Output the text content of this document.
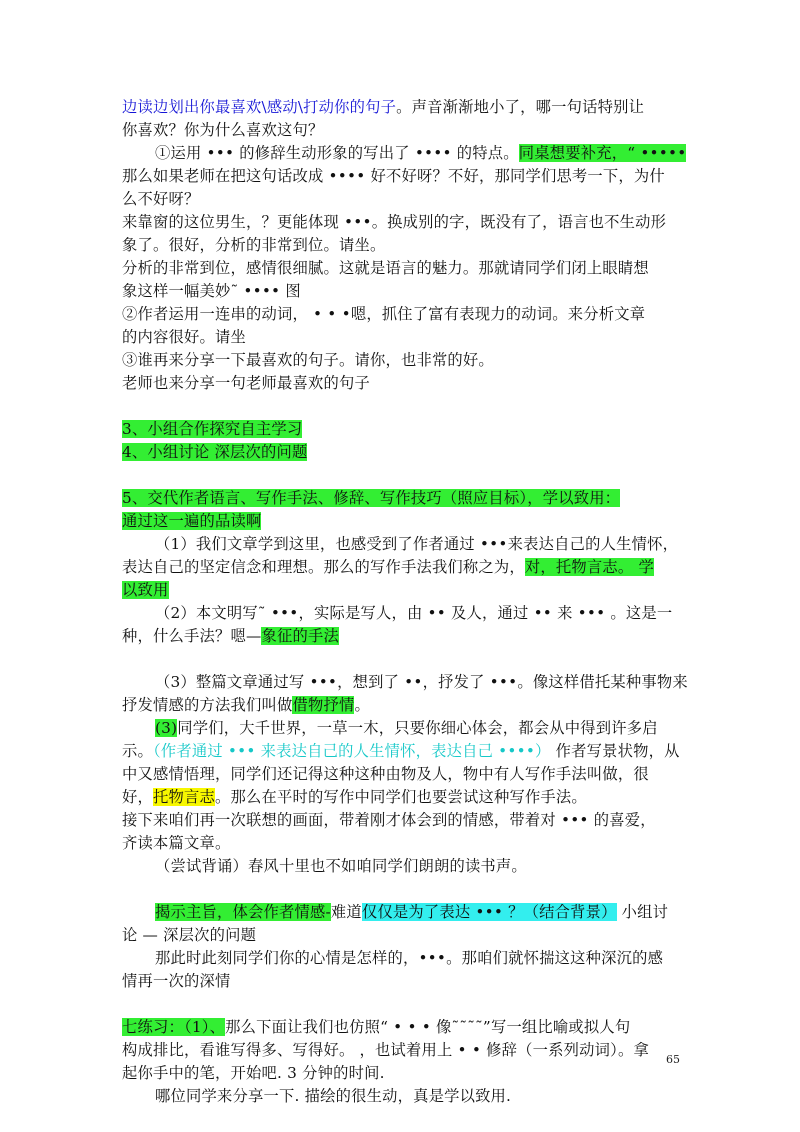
边读边划出你最喜欢\感动\打动你的句子。声音渐渐地小了，哪一句话特别让
你喜欢？你为什么喜欢这句？
①运用 ••• 的修辞生动形象的写出了 •••• 的特点。同桌想要补充，“ •••••
那么如果老师在把这句话改成 •••• 好不好呀？不好，那同学们思考一下，为什
么不好呀？
来靠窗的这位男生，？更能体现 •••。换成别的字，既没有了，语言也不生动形
象了。很好，分析的非常到位。请坐。
分析的非常到位，感情很细腻。这就是语言的魅力。那就请同学们闭上眼睛想
象这样一幅美妙˜ •••• 图
②作者运用一连串的动词， • • •嗯，抓住了富有表现力的动词。来分析文章
的内容很好。请坐
③谁再来分享一下最喜欢的句子。请你，也非常的好。
老师也来分享一句老师最喜欢的句子
3、小组合作探究自主学习
4、小组讨论 深层次的问题
5、交代作者语言、写作手法、修辞、写作技巧（照应目标），学以致用：
通过这一遍的品读啊
（1）我们文章学到这里，也感受到了作者通过 •••来表达自己的人生情怀，
表达自己的坚定信念和理想。那么的写作手法我们称之为，对，托物言志。 学
以致用
（2）本文明写˜ •••，实际是写人，由 •• 及人，通过 •• 来 ••• 。这是一
种，什么手法？嗯—象征的手法
（3）整篇文章通过写 •••，想到了 ••，抒发了 •••。像这样借托某种事物来
抒发情感的方法我们叫做借物抒情。
(3)同学们，大千世界，一草一木，只要你细心体会，都会从中得到许多启
示。（作者通过 ••• 来表达自己的人生情怀，表达自己 ••••） 作者写景状物，从
中又感情悟理，同学们还记得这种这种由物及人，物中有人写作手法叫做，很
好，托物言志。那么在平时的写作中同学们也要尝试这种写作手法。
接下来咱们再一次联想的画面，带着刚才体会到的情感，带着对 ••• 的喜爱，
齐读本篇文章。
（尝试背诵）春风十里也不如咱同学们朗朗的读书声。
揭示主旨，体会作者情感-难道仅仅是为了表达 ••• ？（结合背景） 小组讨
论 — 深层次的问题
那此时此刻同学们你的心情是怎样的，•••。那咱们就怀揣这这种深沉的感
情再一次的深情
七练习：（1）、那么下面让我们也仿照“ • • • 像˜˜˜˜”写一组比喻或拟人句
构成排比，看谁写得多、写得好。 ，也试着用上 • • 修辞（一系列动词）。拿
起你手中的笔，开始吧. 3 分钟的时间.
哪位同学来分享一下. 描绘的很生动，真是学以致用.
65
